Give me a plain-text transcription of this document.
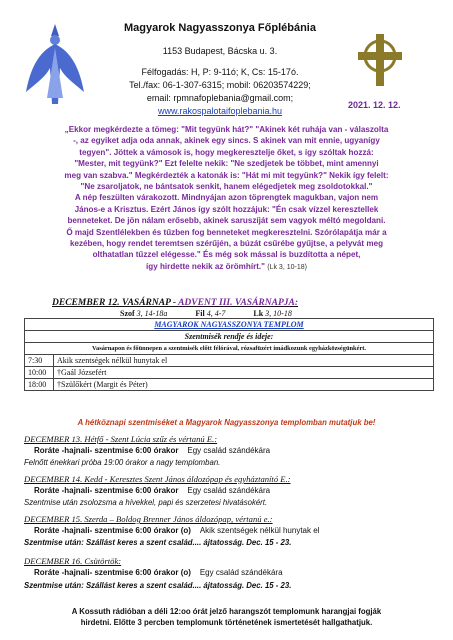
Magyarok Nagyasszonya Főplébánia
1153 Budapest, Bácska u. 3.
Félfogadás: H, P: 9-11ó; K, Cs: 15-17ó.
Tel./fax: 06-1-307-6315; mobil: 06203574229;
email: rpmnafoplebania@gmail.com;
www.rakospalotaifoplebania.hu
2021. 12. 12.
„Ekkor megkérdezte a tömeg: "Mit tegyünk hát?" "Akinek két ruhája van - válaszolta
-, az egyiket adja oda annak, akinek egy sincs. S akinek van mit ennie, ugyanígy
tegyen". Jöttek a vámosok is, hogy megkeresztelje őket, s így szóltak hozzá:
"Mester, mit tegyünk?" Ezt felelte nekik: "Ne szedjetek be többet, mint amennyi
meg van szabva." Megkérdezték a katonák is: "Hát mi mit tegyünk?" Nekik így felelt:
"Ne zsaroljatok, ne bántsatok senkit, hanem elégedjetek meg zsoldotokkal."
A nép feszülten várakozott. Mindnyájan azon töprengtek magukban, vajon nem
János-e a Krisztus. Ezért János így szólt hozzájuk: "Én csak vízzel keresztellek
benneteket. De jön nálam erősebb, akinek saruszíját sem vagyok méltó megoldani.
Ő majd Szentlélekben és tűzben fog benneteket megkeresztelni. Szórólapátja már a
kezében, hogy rendet teremtsen szérűjén, a búzát csűrébe gyűjtse, a pelyvát meg
olthatatlan tűzzel elégesse." És még sok mással is buzdította a népet,
így hirdette nekik az örömhírt." (Lk 3, 10-18)
DECEMBER 12. VASÁRNAP - ADVENT III. VASÁRNAPJA:
Szof 3, 14-18a	Fil 4, 4-7	Lk 3, 10-18
MAGYAROK NAGYASSZONYA TEMPLOM	
Szentmisék rendje és ideje:	
Vasárnapon és főünnepen a szentmisék előtt félórával, rózsafüzért imádkozunk egyházközségünkért.	
7:30	Akik szentségek nélkül hunytak el
10:00	†Gaál Józsefért
18:00	†Szülőkért (Margit és Péter)
A hétköznapi szentmiséket a Magyarok Nagyasszonya templomban mutatjuk be!
DECEMBER 13. Hétfő - Szent Lúcia szűz és vértanú E.:
Roráte -hajnali- szentmise 6:00 órakor Egy család szándékára
Felnőtt énekkari próba 19:00 órakor a nagy templomban.
DECEMBER 14. Kedd - Keresztes Szent János áldozópap és egyháztanító E.:
Roráte -hajnali- szentmise 6:00 órakor Egy család szándékára
Szentmise után zsolozsma a hívekkel, papi és szerzetesi hivatásokért.
DECEMBER 15. Szerda – Boldog Brenner János áldozópap, vértanú e.:
Roráte -hajnali- szentmise 6:00 órakor (o) Akik szentségek nélkül hunytak el
Szentmise után: Szállást keres a szent család.... ájtatosság. Dec. 15 - 23.
DECEMBER 16. Csütörtök:
Roráte -hajnali- szentmise 6:00 órakor (o) Egy család szándékára
Szentmise után: Szállást keres a szent család.... ájtatosság. Dec. 15 - 23.
A Kossuth rádióban a déli 12:oo órát jelző harangszót templomunk harangjai fogják
hirdetni. Előtte 3 percben templomunk történetének ismertetését hallgathatjuk.
